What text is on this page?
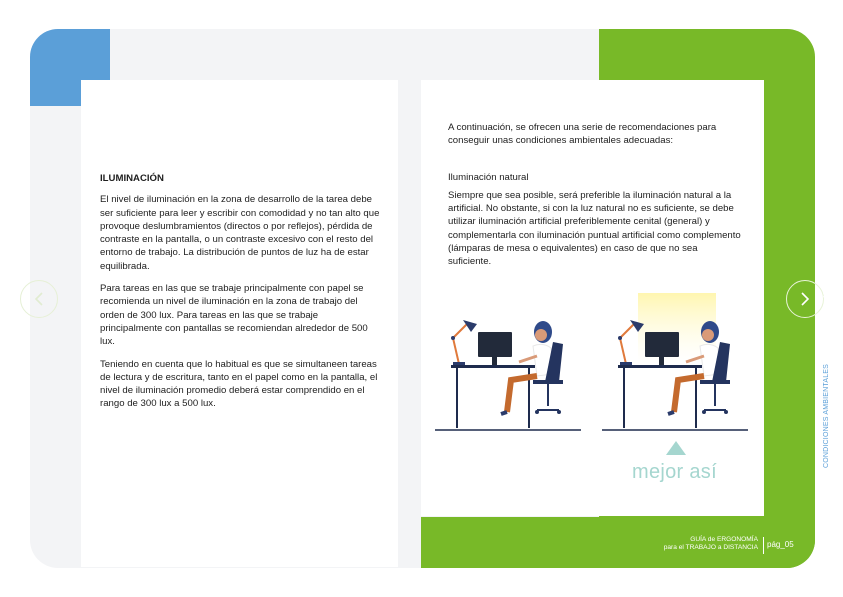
ILUMINACIÓN

El nivel de iluminación en la zona de desarrollo de la tarea debe ser suficiente para leer y escribir con comodidad y no tan alto que provoque deslumbramientos (directos o por reflejos), pérdida de contraste en la pantalla, o un contraste excesivo con el resto del entorno de trabajo. La distribución de puntos de luz ha de estar equilibrada.

Para tareas en las que se trabaje principalmente con papel se recomienda un nivel de iluminación en la zona de trabajo del orden de 300 lux. Para tareas en las que se trabaje principalmente con pantallas se recomiendan alrededor de 500 lux.

Teniendo en cuenta que lo habitual es que se simultaneen tareas de lectura y de escritura, tanto en el papel como en la pantalla, el nivel de iluminación promedio deberá estar comprendido en el rango de 300 lux a 500 lux.

A continuación, se ofrecen una serie de recomendaciones para conseguir unas condiciones ambientales adecuadas:

Iluminación natural

Siempre que sea posible, será preferible la iluminación natural a la artificial. No obstante, si con la luz natural no es suficiente, se debe utilizar iluminación artificial preferiblemente cenital (general) y complementarla con iluminación puntual artificial como complemento (lámparas de mesa o equivalentes) en caso de que no sea suficiente.

CONDICIONES AMBIENTALES
•
SILLA
•
MESA
•
EQUIPO INFORMÁTICO
•
ORGANIZACIÓN
mejor así
GUÍA de ERGONOMÍA
para el TRABAJO a DISTANCIA pág_05
